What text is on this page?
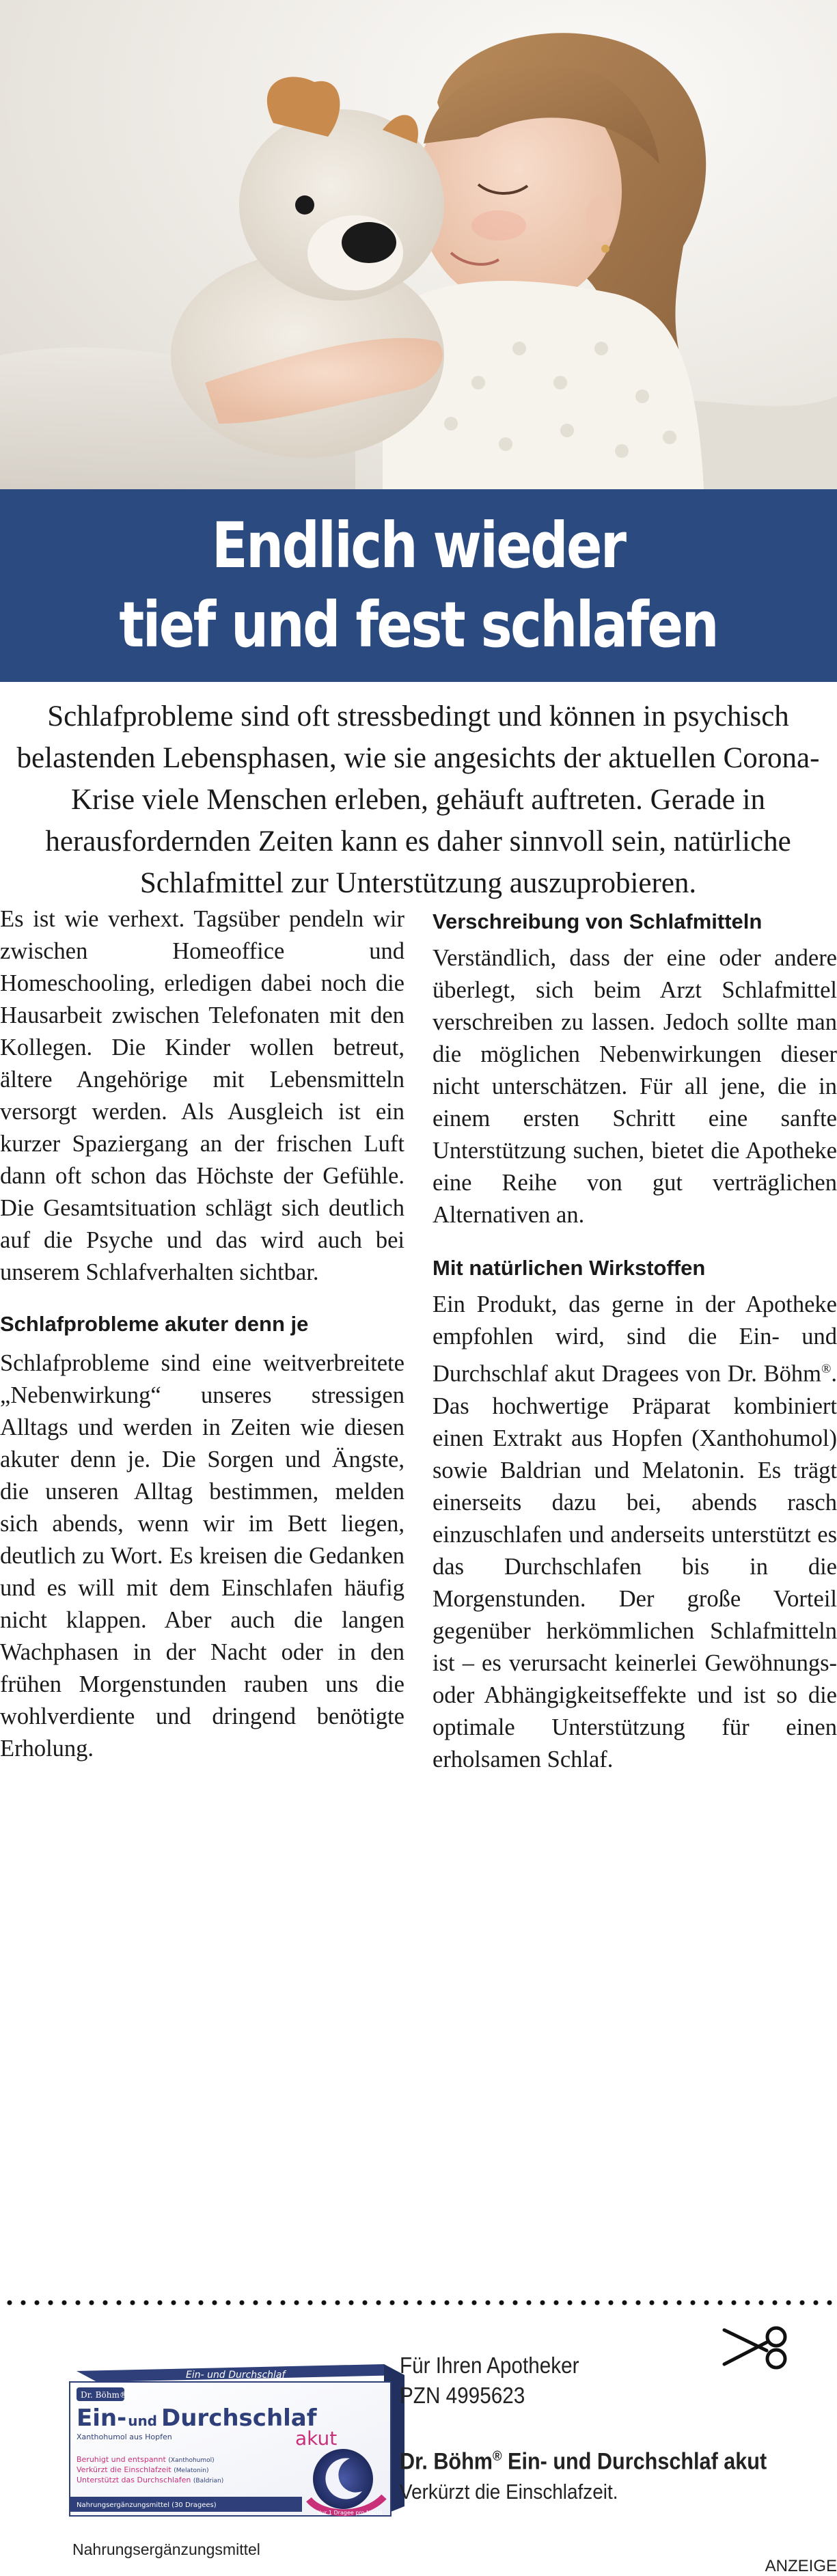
Endlich wieder
tief und fest schlafen

Schlafprobleme sind oft stressbedingt und können in psychisch belastenden Lebensphasen, wie sie angesichts der aktuellen Corona-Krise viele Menschen erleben, gehäuft auftreten. Gerade in herausfordernden Zeiten kann es daher sinnvoll sein, natürliche Schlafmittel zur Unterstützung auszuprobieren.

Es ist wie verhext. Tagsüber pendeln wir zwischen Homeoffice und Homeschooling, erledigen dabei noch die Hausarbeit zwischen Telefonaten mit den Kollegen. Die Kinder wollen betreut, ältere Angehörige mit Lebensmitteln versorgt werden. Als Ausgleich ist ein kurzer Spaziergang an der frischen Luft dann oft schon das Höchste der Gefühle. Die Gesamtsituation schlägt sich deutlich auf die Psyche und das wird auch bei unserem Schlafverhalten sichtbar.

Schlafprobleme akuter denn je

Schlafprobleme sind eine weitverbreitete „Nebenwirkung“ unseres stressigen Alltags und werden in Zeiten wie diesen akuter denn je. Die Sorgen und Ängste, die unseren Alltag bestimmen, melden sich abends, wenn wir im Bett liegen, deutlich zu Wort. Es kreisen die Gedanken und es will mit dem Einschlafen häufig nicht klappen. Aber auch die langen Wachphasen in der Nacht oder in den frühen Morgenstunden rauben uns die wohlverdiente und dringend benötigte Erholung.

Verschreibung von Schlafmitteln

Verständlich, dass der eine oder andere überlegt, sich beim Arzt Schlafmittel verschreiben zu lassen. Jedoch sollte man die möglichen Nebenwirkungen dieser nicht unterschätzen. Für all jene, die in einem ersten Schritt eine sanfte Unterstützung suchen, bietet die Apotheke eine Reihe von gut verträglichen Alternativen an.

Mit natürlichen Wirkstoffen

Ein Produkt, das gerne in der Apotheke empfohlen wird, sind die Ein- und Durchschlaf akut Dragees von Dr. Böhm®. Das hochwertige Präparat kombiniert einen Extrakt aus Hopfen (Xanthohumol) sowie Baldrian und Melatonin. Es trägt einerseits dazu bei, abends rasch einzuschlafen und anderseits unterstützt es das Durchschlafen bis in die Morgenstunden. Der große Vorteil gegenüber herkömmlichen Schlafmitteln ist – es verursacht keinerlei Gewöhnungs- oder Abhängigkeitseffekte und ist so die optimale Unterstützung für einen erholsamen Schlaf.

Ein- und Durchschlaf
Dr. Böhm®
Ein- und Durchschlaf
akut
Xanthohumol aus Hopfen
Beruhigt und entspannt (Xanthohumol)
Verkürzt die Einschlafzeit (Melatonin)
Unterstützt das Durchschlafen (Baldrian)
Nur 1 Dragee pro Nacht
Nahrungsergänzungsmittel (30 Dragees)
Nahrungsergänzungsmittel
Für Ihren Apotheker
PZN 4995623
Dr. Böhm® Ein- und Durchschlaf akut
Verkürzt die Einschlafzeit.
ANZEIGE
